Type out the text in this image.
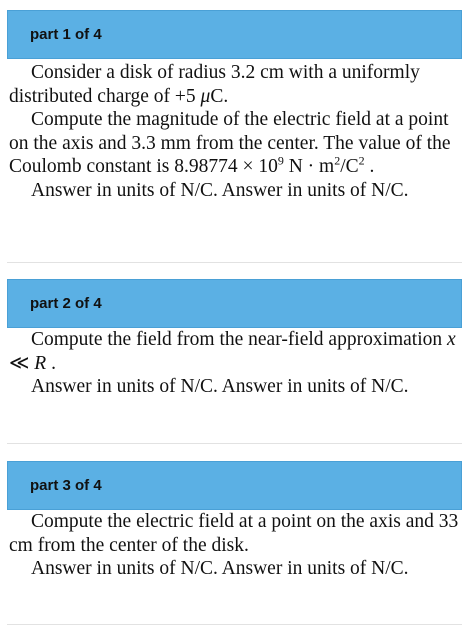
part 1 of 4

Consider a disk of radius 3.2 cm with a uniformly distributed charge of +5 μC.

Compute the magnitude of the electric field at a point on the axis and 3.3 mm from the center. The value of the Coulomb constant is $8.98774 \times 10^9$ $N \cdot m^2/C^2$ .

Answer in units of N/C. Answer in units of N/C.

part 2 of 4

Compute the field from the near-field approximation x ≪ R .

Answer in units of N/C. Answer in units of N/C.

part 3 of 4

Compute the electric field at a point on the axis and 33 cm from the center of the disk.

Answer in units of N/C. Answer in units of N/C.
